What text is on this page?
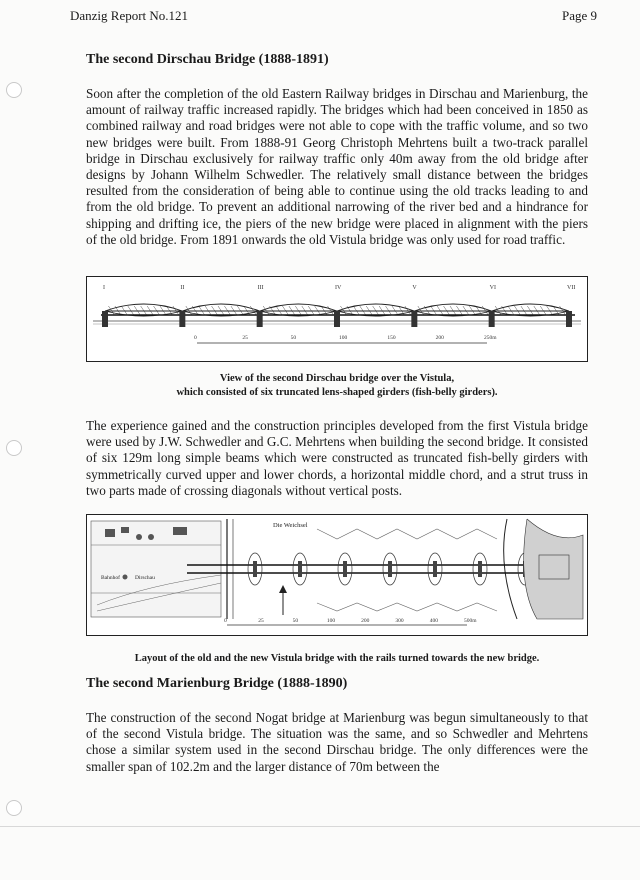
Danzig Report No.121	Page 9
The second Dirschau Bridge (1888-1891)

Soon after the completion of the old Eastern Railway bridges in Dirschau and Marienburg, the amount of railway traffic increased rapidly. The bridges which had been conceived in 1850 as combined railway and road bridges were not able to cope with the traffic volume, and so two new bridges were built. From 1888-91 Georg Christoph Mehrtens built a two-track parallel bridge in Dirschau exclusively for railway traffic only 40m away from the old bridge after designs by Johann Wilhelm Schwedler. The relatively small distance between the bridges resulted from the consideration of being able to continue using the old tracks leading to and from the old bridge. To prevent an additional narrowing of the river bed and a hindrance for shipping and drifting ice, the piers of the new bridge were placed in alignment with the piers of the old bridge. From 1891 onwards the old Vistula bridge was only used for road traffic.

I	II	III	IV	V	VI	VII
0	25	50	100	150	200	250m

View of the second Dirschau bridge over the Vistula,

which consisted of six truncated lens-shaped girders (fish-belly girders).

The experience gained and the construction principles developed from the first Vistula bridge were used by J.W. Schwedler and G.C. Mehrtens when building the second bridge. It consisted of six 129m long simple beams which were constructed as truncated fish-belly girders with symmetrically curved upper and lower chords, a horizontal middle chord, and a strut truss in two parts made of crossing diagonals without vertical posts.

Die Weichsel
Bahnhof	Dirschau
0	25	50	100	200	300	400	500m

Layout of the old and the new Vistula bridge with the rails turned towards the new bridge.

The second Marienburg Bridge (1888-1890)

The construction of the second Nogat bridge at Marienburg was begun simultaneously to that of the second Vistula bridge. The situation was the same, and so Schwedler and Mehrtens chose a similar system used in the second Dirschau bridge. The only differences were the smaller span of 102.2m and the larger distance of 70m between the
